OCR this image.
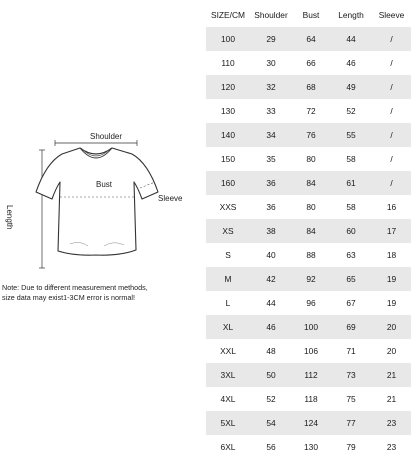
Shoulder
Bust
Sleeve
Length
Note: Due to different measurement methods,
size data may exist1-3CM error is normal!
SIZE/CM	Shoulder	Bust	Length	Sleeve
100	29	64	44	/
110	30	66	46	/
120	32	68	49	/
130	33	72	52	/
140	34	76	55	/
150	35	80	58	/
160	36	84	61	/
XXS	36	80	58	16
XS	38	84	60	17
S	40	88	63	18
M	42	92	65	19
L	44	96	67	19
XL	46	100	69	20
XXL	48	106	71	20
3XL	50	112	73	21
4XL	52	118	75	21
5XL	54	124	77	23
6XL	56	130	79	23
